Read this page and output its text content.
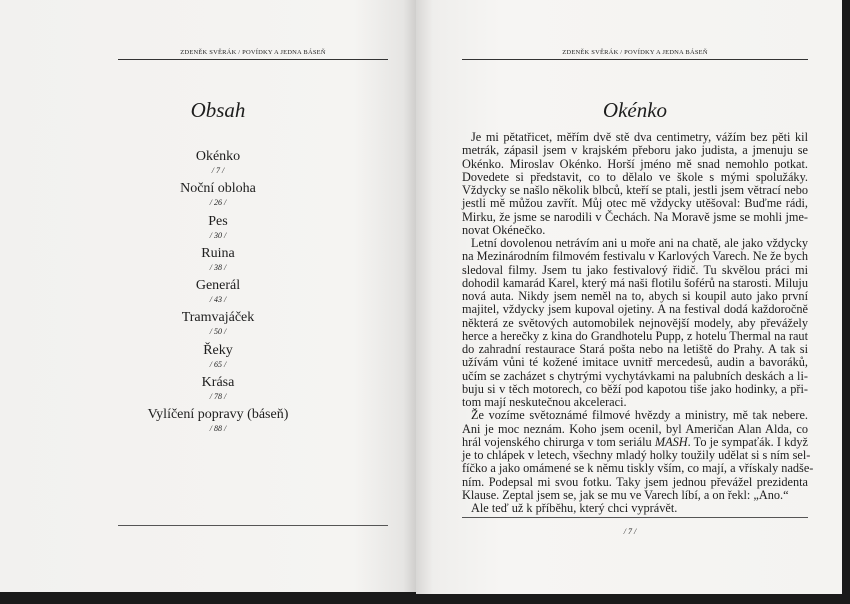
ZDENĚK SVĚRÁK / POVÍDKY A JEDNA BÁSEŇ
Obsah
Okénko
/ 7 /
Noční obloha
/ 26 /
Pes
/ 30 /
Ruina
/ 38 /
Generál
/ 43 /
Tramvajáček
/ 50 /
Řeky
/ 65 /
Krása
/ 78 /
Vylíčení popravy (báseň)
/ 88 /
ZDENĚK SVĚRÁK / POVÍDKY A JEDNA BÁSEŇ
Okénko
Je mi pětatřicet, měřím dvě stě dva centimetry, vážím bez pěti kil
metrák, zápasil jsem v krajském přeboru jako judista, a jmenuju se
Okénko. Miroslav Okénko. Horší jméno mě snad nemohlo potkat.
Dovedete si představit, co to dělalo ve škole s mými spolužáky.
Vždycky se našlo několik blbců, kteří se ptali, jestli jsem větrací nebo
jestli mě můžou zavřít. Můj otec mě vždycky utěšoval: Buďme rádi,
Mirku, že jsme se narodili v Čechách. Na Moravě jsme se mohli jme-
novat Okénečko.
Letní dovolenou netrávím ani u moře ani na chatě, ale jako vždycky
na Mezinárodním filmovém festivalu v Karlových Varech. Ne že bych
sledoval filmy. Jsem tu jako festivalový řidič. Tu skvělou práci mi
dohodil kamarád Karel, který má naši flotilu šoférů na starosti. Miluju
nová auta. Nikdy jsem neměl na to, abych si koupil auto jako první
majitel, vždycky jsem kupoval ojetiny. A na festival dodá každoročně
některá ze světových automobilek nejnovější modely, aby převážely
herce a herečky z kina do Grandhotelu Pupp, z hotelu Thermal na raut
do zahradní restaurace Stará pošta nebo na letiště do Prahy. A tak si
užívám vůni té kožené imitace uvnitř mercedesů, audin a bavoráků,
učím se zacházet s chytrými vychytávkami na palubních deskách a li-
buju si v těch motorech, co běží pod kapotou tiše jako hodinky, a při-
tom mají neskutečnou akceleraci.
Že vozíme světoznámé filmové hvězdy a ministry, mě tak nebere.
Ani je moc neznám. Koho jsem ocenil, byl Američan Alan Alda, co
hrál vojenského chirurga v tom seriálu MASH. To je sympaťák. I když
je to chlápek v letech, všechny mladý holky toužily udělat si s ním sel-
fíčko a jako omámené se k němu tiskly vším, co mají, a vřískaly nadše-
ním. Podepsal mi svou fotku. Taky jsem jednou převážel prezidenta
Klause. Zeptal jsem se, jak se mu ve Varech líbí, a on řekl: „Ano.“
Ale teď už k příběhu, který chci vyprávět.
/ 7 /
